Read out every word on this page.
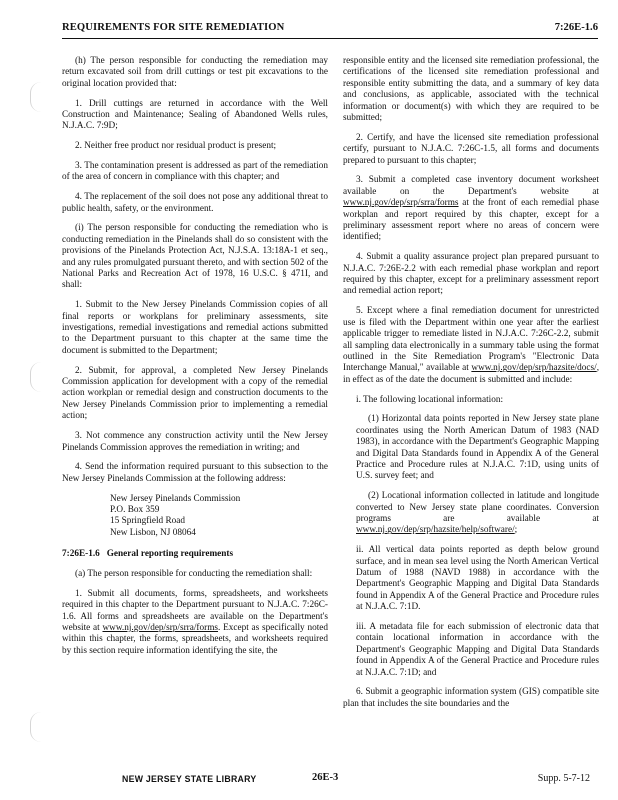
REQUIREMENTS FOR SITE REMEDIATION	7:26E-1.6

(h) The person responsible for conducting the remediation may return excavated soil from drill cuttings or test pit excavations to the original location provided that:

1. Drill cuttings are returned in accordance with the Well Construction and Maintenance; Sealing of Abandoned Wells rules, N.J.A.C. 7:9D;

2. Neither free product nor residual product is present;

3. The contamination present is addressed as part of the remediation of the area of concern in compliance with this chapter; and

4. The replacement of the soil does not pose any additional threat to public health, safety, or the environment.

(i) The person responsible for conducting the remediation who is conducting remediation in the Pinelands shall do so consistent with the provisions of the Pinelands Protection Act, N.J.S.A. 13:18A-1 et seq., and any rules promulgated pursuant thereto, and with section 502 of the National Parks and Recreation Act of 1978, 16 U.S.C. § 471I, and shall:

1. Submit to the New Jersey Pinelands Commission copies of all final reports or workplans for preliminary assessments, site investigations, remedial investigations and remedial actions submitted to the Department pursuant to this chapter at the same time the document is submitted to the Department;

2. Submit, for approval, a completed New Jersey Pinelands Commission application for development with a copy of the remedial action workplan or remedial design and construction documents to the New Jersey Pinelands Commission prior to implementing a remedial action;

3. Not commence any construction activity until the New Jersey Pinelands Commission approves the remediation in writing; and

4. Send the information required pursuant to this subsection to the New Jersey Pinelands Commission at the following address:

New Jersey Pinelands Commission
P.O. Box 359
15 Springfield Road
New Lisbon, NJ 08064

7:26E-1.6 General reporting requirements

(a) The person responsible for conducting the remediation shall:

1. Submit all documents, forms, spreadsheets, and worksheets required in this chapter to the Department pursuant to N.J.A.C. 7:26C-1.6. All forms and spreadsheets are available on the Department's website at www.nj.gov/dep/srp/srra/forms. Except as specifically noted within this chapter, the forms, spreadsheets, and worksheets required by this section require information identifying the site, the

responsible entity and the licensed site remediation professional, the certifications of the licensed site remediation professional and responsible entity submitting the data, and a summary of key data and conclusions, as applicable, associated with the technical information or document(s) with which they are required to be submitted;

2. Certify, and have the licensed site remediation professional certify, pursuant to N.J.A.C. 7:26C-1.5, all forms and documents prepared to pursuant to this chapter;

3. Submit a completed case inventory document worksheet available on the Department's website at www.nj.gov/dep/srp/srra/forms at the front of each remedial phase workplan and report required by this chapter, except for a preliminary assessment report where no areas of concern were identified;

4. Submit a quality assurance project plan prepared pursuant to N.J.A.C. 7:26E-2.2 with each remedial phase workplan and report required by this chapter, except for a preliminary assessment report and remedial action report;

5. Except where a final remediation document for unrestricted use is filed with the Department within one year after the earliest applicable trigger to remediate listed in N.J.A.C. 7:26C-2.2, submit all sampling data electronically in a summary table using the format outlined in the Site Remediation Program's "Electronic Data Interchange Manual," available at www.nj.gov/dep/srp/hazsite/docs/, in effect as of the date the document is submitted and include:

i. The following locational information:

(1) Horizontal data points reported in New Jersey state plane coordinates using the North American Datum of 1983 (NAD 1983), in accordance with the Department's Geographic Mapping and Digital Data Standards found in Appendix A of the General Practice and Procedure rules at N.J.A.C. 7:1D, using units of U.S. survey feet; and

(2) Locational information collected in latitude and longitude converted to New Jersey state plane coordinates. Conversion programs are available at www.nj.gov/dep/srp/hazsite/help/software/;

ii. All vertical data points reported as depth below ground surface, and in mean sea level using the North American Vertical Datum of 1988 (NAVD 1988) in accordance with the Department's Geographic Mapping and Digital Data Standards found in Appendix A of the General Practice and Procedure rules at N.J.A.C. 7:1D.

iii. A metadata file for each submission of electronic data that contain locational information in accordance with the Department's Geographic Mapping and Digital Data Standards found in Appendix A of the General Practice and Procedure rules at N.J.A.C. 7:1D; and

6. Submit a geographic information system (GIS) compatible site plan that includes the site boundaries and the

NEW JERSEY STATE LIBRARY	26E-3	Supp. 5-7-12
